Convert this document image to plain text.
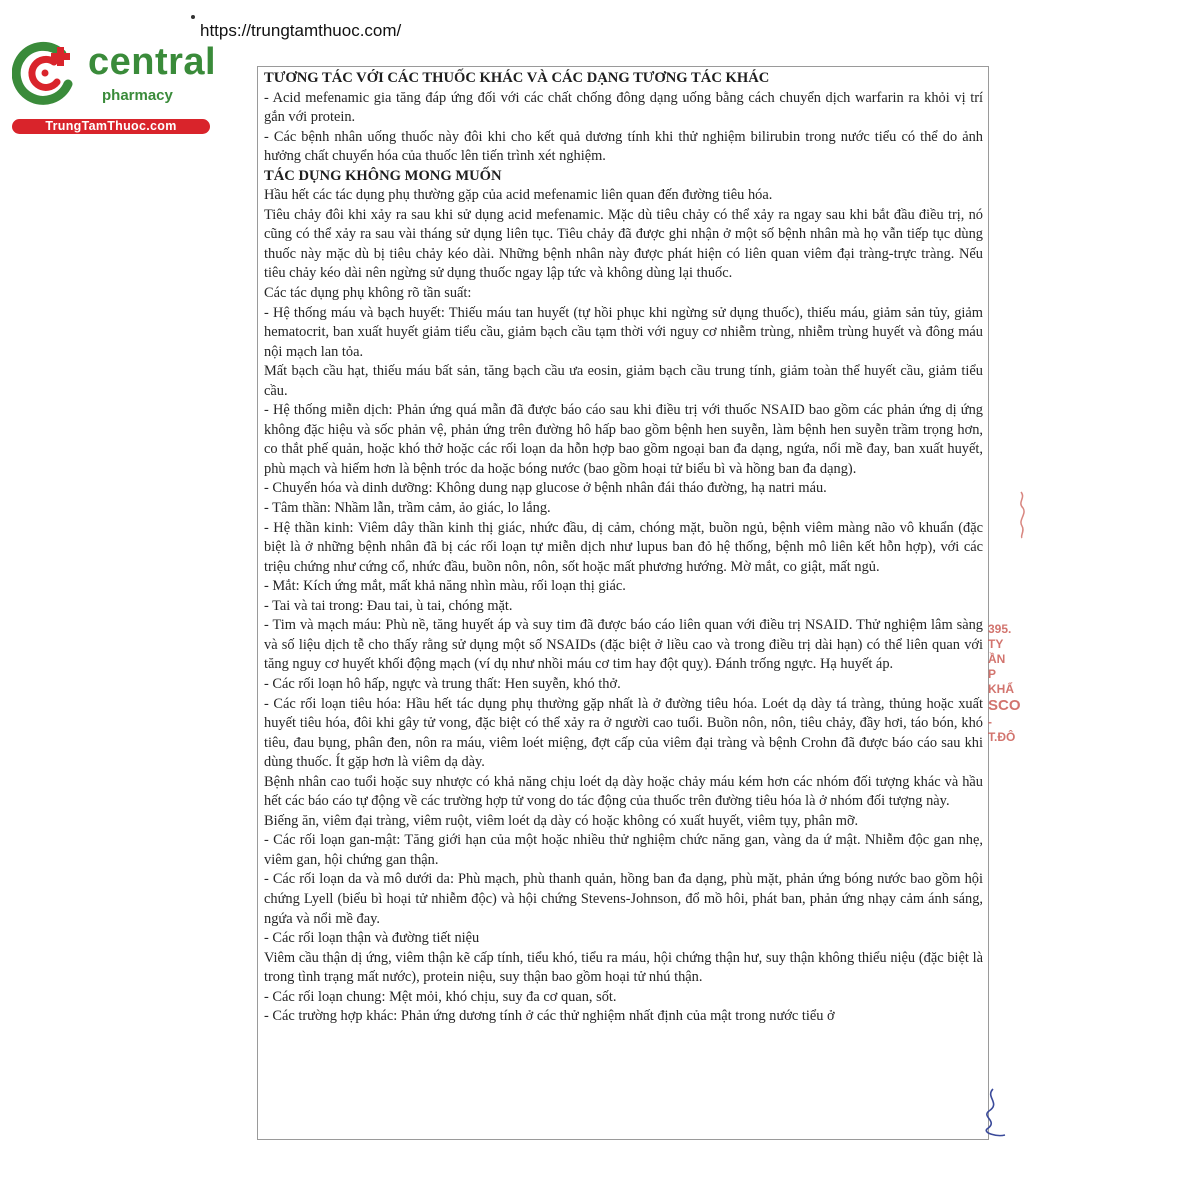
https://trungtamthuoc.com/
central
pharmacy
TrungTamThuoc.com
TƯƠNG TÁC VỚI CÁC THUỐC KHÁC VÀ CÁC DẠNG TƯƠNG TÁC KHÁC

- Acid mefenamic gia tăng đáp ứng đối với các chất chống đông dạng uống bằng cách chuyển dịch warfarin ra khỏi vị trí gắn với protein.

- Các bệnh nhân uống thuốc này đôi khi cho kết quả dương tính khi thử nghiệm bilirubin trong nước tiểu có thể do ảnh hưởng chất chuyển hóa của thuốc lên tiến trình xét nghiệm.

TÁC DỤNG KHÔNG MONG MUỐN

Hầu hết các tác dụng phụ thường gặp của acid mefenamic liên quan đến đường tiêu hóa.

Tiêu chảy đôi khi xảy ra sau khi sử dụng acid mefenamic. Mặc dù tiêu chảy có thể xảy ra ngay sau khi bắt đầu điều trị, nó cũng có thể xảy ra sau vài tháng sử dụng liên tục. Tiêu chảy đã được ghi nhận ở một số bệnh nhân mà họ vẫn tiếp tục dùng thuốc này mặc dù bị tiêu chảy kéo dài. Những bệnh nhân này được phát hiện có liên quan viêm đại tràng-trực tràng. Nếu tiêu chảy kéo dài nên ngừng sử dụng thuốc ngay lập tức và không dùng lại thuốc.

Các tác dụng phụ không rõ tần suất:

- Hệ thống máu và bạch huyết: Thiếu máu tan huyết (tự hồi phục khi ngừng sử dụng thuốc), thiếu máu, giảm sản tủy, giảm hematocrit, ban xuất huyết giảm tiểu cầu, giảm bạch cầu tạm thời với nguy cơ nhiễm trùng, nhiễm trùng huyết và đông máu nội mạch lan tỏa.

Mất bạch cầu hạt, thiếu máu bất sản, tăng bạch cầu ưa eosin, giảm bạch cầu trung tính, giảm toàn thể huyết cầu, giảm tiểu cầu.

- Hệ thống miễn dịch: Phản ứng quá mẫn đã được báo cáo sau khi điều trị với thuốc NSAID bao gồm các phản ứng dị ứng không đặc hiệu và sốc phản vệ, phản ứng trên đường hô hấp bao gồm bệnh hen suyễn, làm bệnh hen suyễn trầm trọng hơn, co thắt phế quản, hoặc khó thở hoặc các rối loạn da hỗn hợp bao gồm ngoại ban đa dạng, ngứa, nổi mề đay, ban xuất huyết, phù mạch và hiếm hơn là bệnh tróc da hoặc bóng nước (bao gồm hoại tử biểu bì và hồng ban đa dạng).

- Chuyển hóa và dinh dưỡng: Không dung nạp glucose ở bệnh nhân đái tháo đường, hạ natri máu.

- Tâm thần: Nhầm lẫn, trầm cảm, ảo giác, lo lắng.

- Hệ thần kinh: Viêm dây thần kinh thị giác, nhức đầu, dị cảm, chóng mặt, buồn ngủ, bệnh viêm màng não vô khuẩn (đặc biệt là ở những bệnh nhân đã bị các rối loạn tự miễn dịch như lupus ban đỏ hệ thống, bệnh mô liên kết hỗn hợp), với các triệu chứng như cứng cổ, nhức đầu, buồn nôn, nôn, sốt hoặc mất phương hướng. Mờ mắt, co giật, mất ngủ.

- Mắt: Kích ứng mắt, mất khả năng nhìn màu, rối loạn thị giác.

- Tai và tai trong: Đau tai, ù tai, chóng mặt.

- Tim và mạch máu: Phù nề, tăng huyết áp và suy tim đã được báo cáo liên quan với điều trị NSAID. Thử nghiệm lâm sàng và số liệu dịch tễ cho thấy rằng sử dụng một số NSAIDs (đặc biệt ở liều cao và trong điều trị dài hạn) có thể liên quan với tăng nguy cơ huyết khối động mạch (ví dụ như nhồi máu cơ tim hay đột quỵ). Đánh trống ngực. Hạ huyết áp.

- Các rối loạn hô hấp, ngực và trung thất: Hen suyễn, khó thở.

- Các rối loạn tiêu hóa: Hầu hết tác dụng phụ thường gặp nhất là ở đường tiêu hóa. Loét dạ dày tá tràng, thủng hoặc xuất huyết tiêu hóa, đôi khi gây tử vong, đặc biệt có thể xảy ra ở người cao tuổi. Buồn nôn, nôn, tiêu chảy, đầy hơi, táo bón, khó tiêu, đau bụng, phân đen, nôn ra máu, viêm loét miệng, đợt cấp của viêm đại tràng và bệnh Crohn đã được báo cáo sau khi dùng thuốc. Ít gặp hơn là viêm dạ dày.

Bệnh nhân cao tuổi hoặc suy nhược có khả năng chịu loét dạ dày hoặc chảy máu kém hơn các nhóm đối tượng khác và hầu hết các báo cáo tự động về các trường hợp tử vong do tác động của thuốc trên đường tiêu hóa là ở nhóm đối tượng này.

Biếng ăn, viêm đại tràng, viêm ruột, viêm loét dạ dày có hoặc không có xuất huyết, viêm tụy, phân mỡ.

- Các rối loạn gan-mật: Tăng giới hạn của một hoặc nhiều thử nghiệm chức năng gan, vàng da ứ mật. Nhiễm độc gan nhẹ, viêm gan, hội chứng gan thận.

- Các rối loạn da và mô dưới da: Phù mạch, phù thanh quản, hồng ban đa dạng, phù mặt, phản ứng bóng nước bao gồm hội chứng Lyell (biểu bì hoại tử nhiễm độc) và hội chứng Stevens-Johnson, đổ mồ hôi, phát ban, phản ứng nhạy cảm ánh sáng, ngứa và nổi mề đay.

- Các rối loạn thận và đường tiết niệu

Viêm cầu thận dị ứng, viêm thận kẽ cấp tính, tiểu khó, tiểu ra máu, hội chứng thận hư, suy thận không thiểu niệu (đặc biệt là trong tình trạng mất nước), protein niệu, suy thận bao gồm hoại tử nhú thận.

- Các rối loạn chung: Mệt mỏi, khó chịu, suy đa cơ quan, sốt.

- Các trường hợp khác: Phản ứng dương tính ở các thử nghiệm nhất định của mật trong nước tiểu ở

395.
TY
ẦN
P KHẨ
SCO
-T.ĐÔ
